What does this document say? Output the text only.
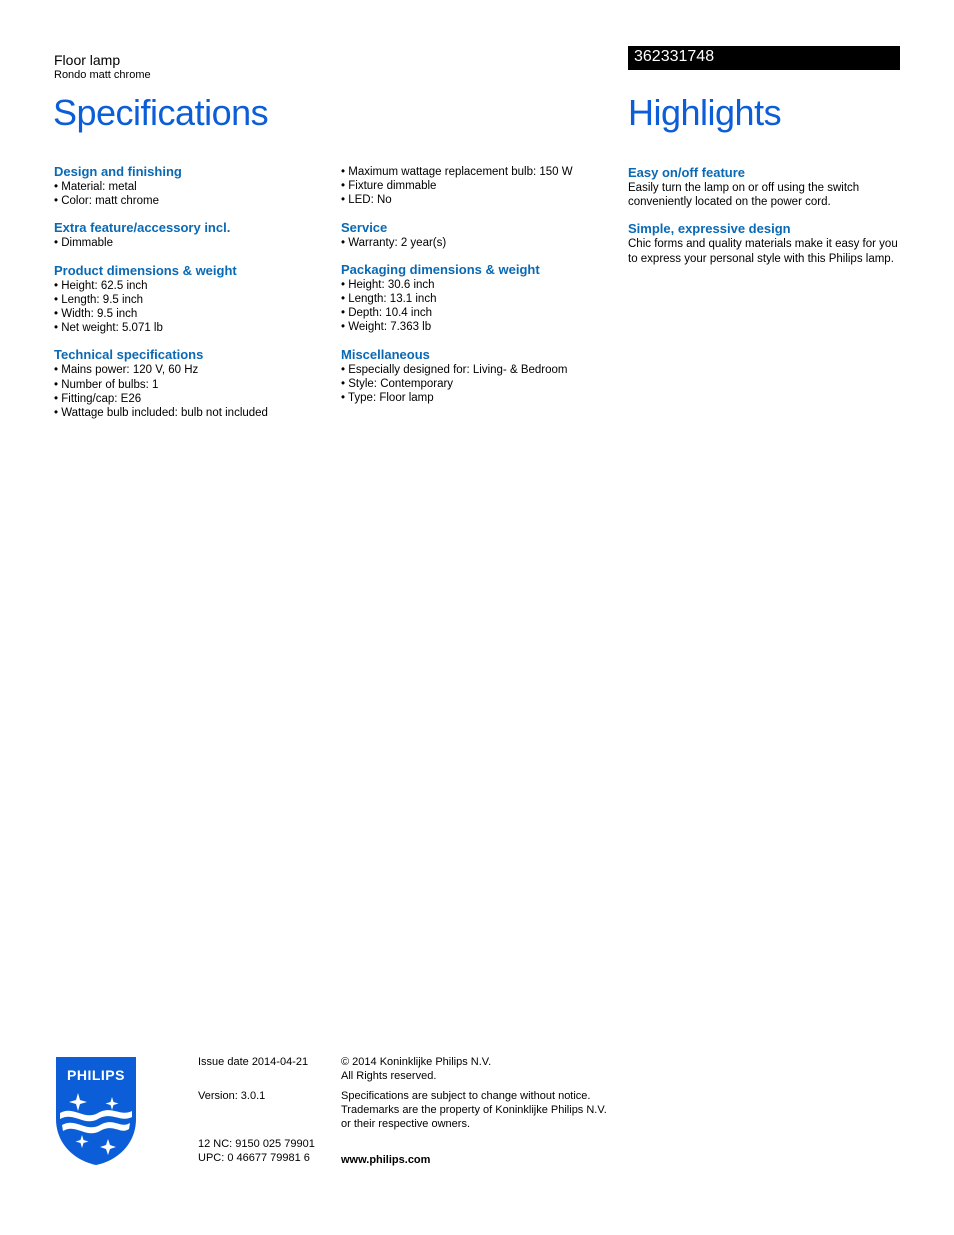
Floor lamp
Rondo matt chrome
Specifications
362331748
Highlights
Design and finishing
• Material: metal
• Color: matt chrome
Extra feature/accessory incl.
• Dimmable
Product dimensions & weight
• Height: 62.5 inch
• Length: 9.5 inch
• Width: 9.5 inch
• Net weight: 5.071 lb
Technical specifications
• Mains power: 120 V, 60 Hz
• Number of bulbs: 1
• Fitting/cap: E26
• Wattage bulb included: bulb not included
• Maximum wattage replacement bulb: 150 W
• Fixture dimmable
• LED: No
Service
• Warranty: 2 year(s)
Packaging dimensions & weight
• Height: 30.6 inch
• Length: 13.1 inch
• Depth: 10.4 inch
• Weight: 7.363 lb
Miscellaneous
• Especially designed for: Living- & Bedroom
• Style: Contemporary
• Type: Floor lamp
Easy on/off feature
Easily turn the lamp on or off using the switch conveniently located on the power cord.
Simple, expressive design
Chic forms and quality materials make it easy for you to express your personal style with this Philips lamp.
PHILIPS
Issue date 2014-04-21
Version: 3.0.1
12 NC: 9150 025 79901
UPC: 0 46677 79981 6
© 2014 Koninklijke Philips N.V.
All Rights reserved.
Specifications are subject to change without notice.
Trademarks are the property of Koninklijke Philips N.V.
or their respective owners.
www.philips.com
